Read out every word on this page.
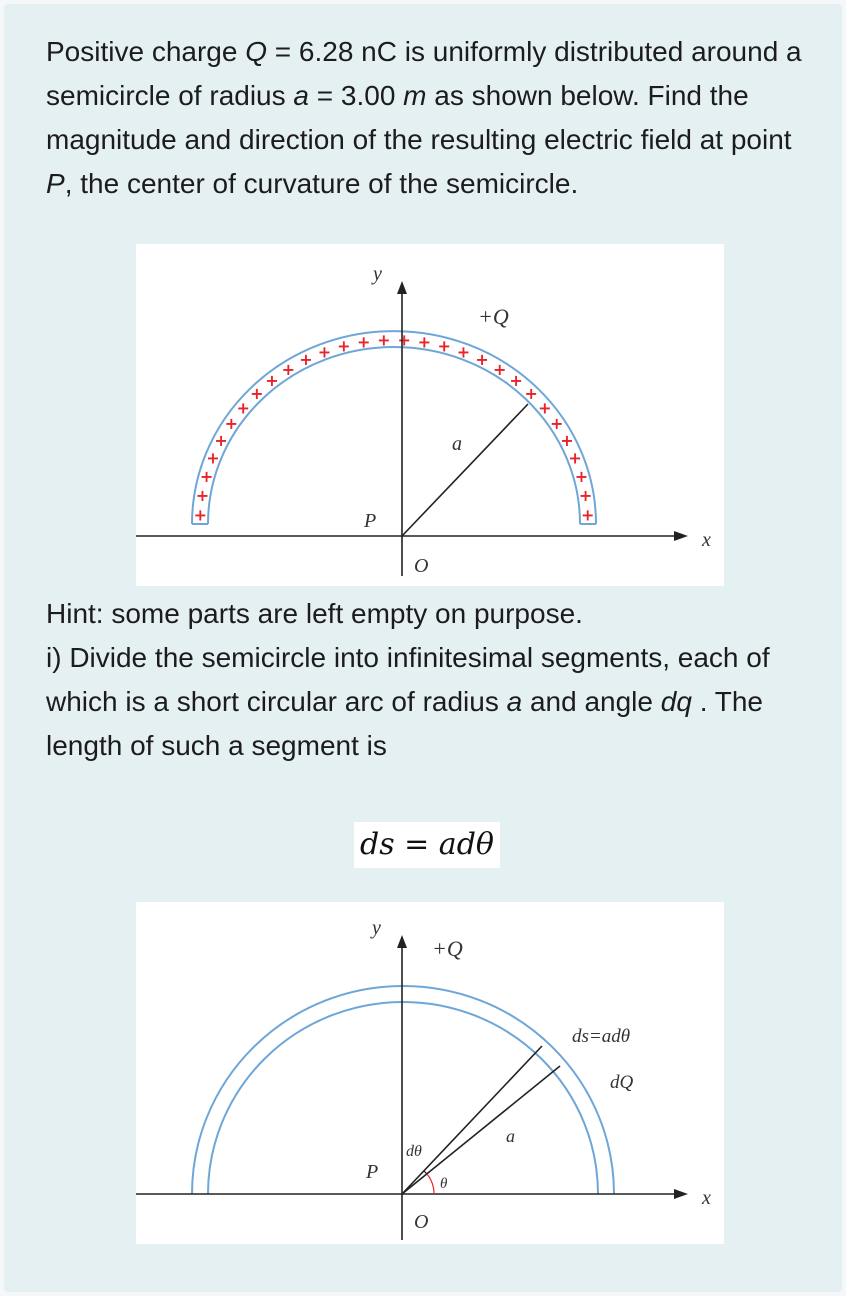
Positive charge Q = 6.28 nC is uniformly distributed around a semicircle of radius a = 3.00 m as shown below. Find the magnitude and direction of the resulting electric field at point P, the center of curvature of the semicircle.

+
+
+
+
+
+
+
+
+
+
+
+
+
+
+
+
+
+
+
+
+
+
+
+
+
+
+
+
+
+
y
x
+Q
a
P
O

Hint: some parts are left empty on purpose.
i) Divide the semicircle into infinitesimal segments, each of which is a short circular arc of radius a and angle dq . The length of such a segment is

ds = adθ
y
x
+Q
ds=adθ
dQ
a
dθ
θ
P
O
